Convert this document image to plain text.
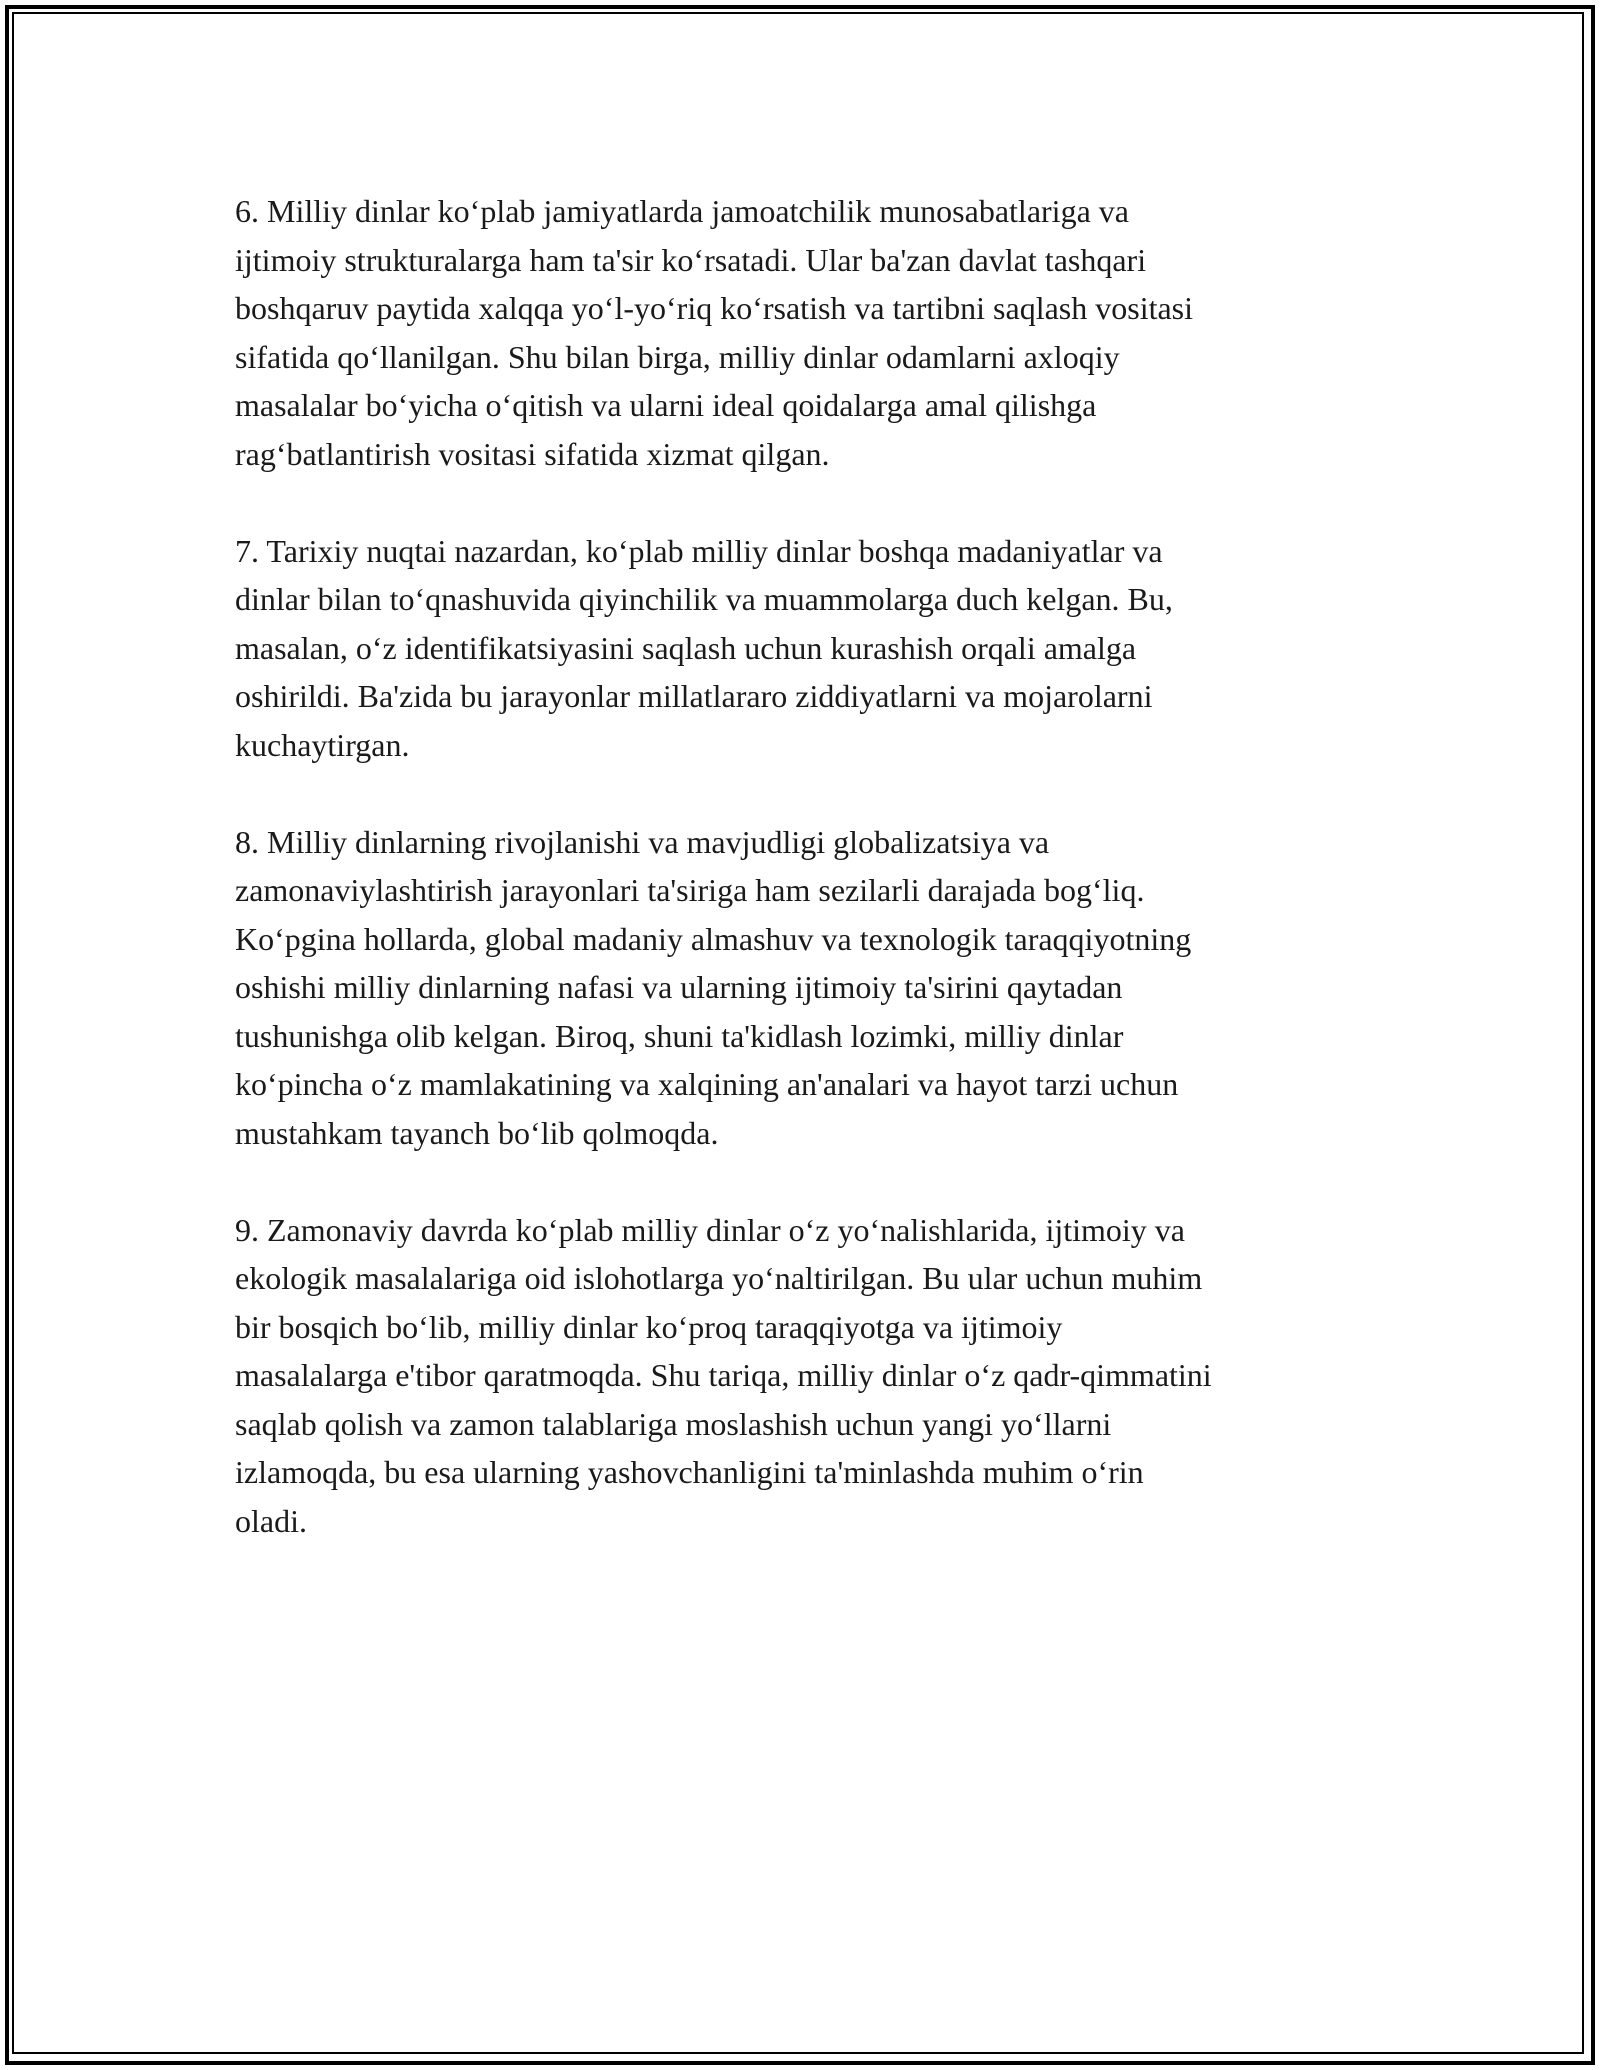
6. Milliy dinlar ko‘plab jamiyatlarda jamoatchilik munosabatlariga va
ijtimoiy strukturalarga ham ta'sir ko‘rsatadi. Ular ba'zan davlat tashqari
boshqaruv paytida xalqqa yo‘l-yo‘riq ko‘rsatish va tartibni saqlash vositasi
sifatida qo‘llanilgan. Shu bilan birga, milliy dinlar odamlarni axloqiy
masalalar bo‘yicha o‘qitish va ularni ideal qoidalarga amal qilishga
rag‘batlantirish vositasi sifatida xizmat qilgan.

7. Tarixiy nuqtai nazardan, ko‘plab milliy dinlar boshqa madaniyatlar va
dinlar bilan to‘qnashuvida qiyinchilik va muammolarga duch kelgan. Bu,
masalan, o‘z identifikatsiyasini saqlash uchun kurashish orqali amalga
oshirildi. Ba'zida bu jarayonlar millatlararo ziddiyatlarni va mojarolarni
kuchaytirgan.

8. Milliy dinlarning rivojlanishi va mavjudligi globalizatsiya va
zamonaviylashtirish jarayonlari ta'siriga ham sezilarli darajada bog‘liq.
Ko‘pgina hollarda, global madaniy almashuv va texnologik taraqqiyotning
oshishi milliy dinlarning nafasi va ularning ijtimoiy ta'sirini qaytadan
tushunishga olib kelgan. Biroq, shuni ta'kidlash lozimki, milliy dinlar
ko‘pincha o‘z mamlakatining va xalqining an'analari va hayot tarzi uchun
mustahkam tayanch bo‘lib qolmoqda.

9. Zamonaviy davrda ko‘plab milliy dinlar o‘z yo‘nalishlarida, ijtimoiy va
ekologik masalalariga oid islohotlarga yo‘naltirilgan. Bu ular uchun muhim
bir bosqich bo‘lib, milliy dinlar ko‘proq taraqqiyotga va ijtimoiy
masalalarga e'tibor qaratmoqda. Shu tariqa, milliy dinlar o‘z qadr-qimmatini
saqlab qolish va zamon talablariga moslashish uchun yangi yo‘llarni
izlamoqda, bu esa ularning yashovchanligini ta'minlashda muhim o‘rin
oladi.
